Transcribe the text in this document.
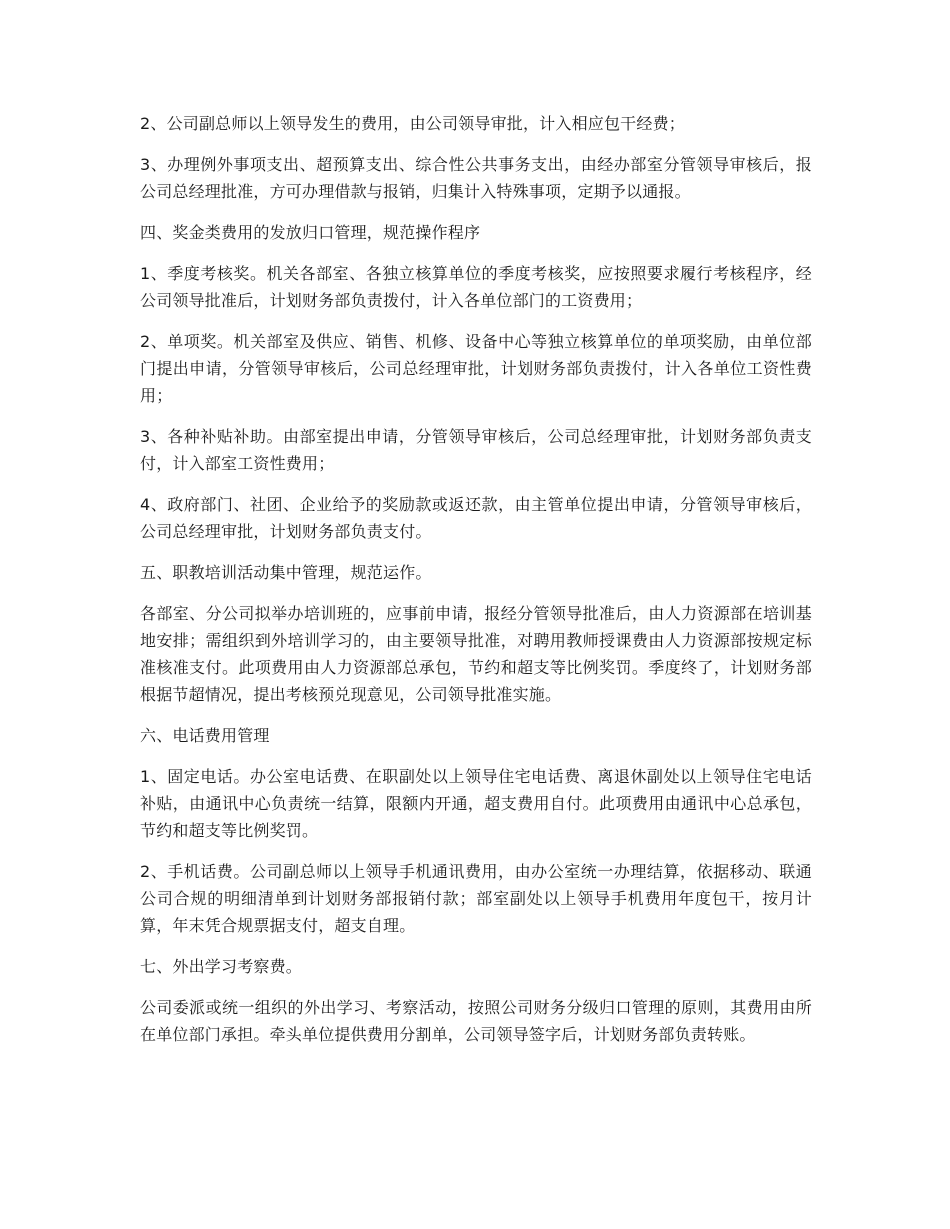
2、公司副总师以上领导发生的费用，由公司领导审批，计入相应包干经费；

3、办理例外事项支出、超预算支出、综合性公共事务支出，由经办部室分管领导审核后，报公司总经理批准，方可办理借款与报销，归集计入特殊事项，定期予以通报。

四、奖金类费用的发放归口管理，规范操作程序

1、季度考核奖。机关各部室、各独立核算单位的季度考核奖，应按照要求履行考核程序，经公司领导批准后，计划财务部负责拨付，计入各单位部门的工资费用；

2、单项奖。机关部室及供应、销售、机修、设备中心等独立核算单位的单项奖励，由单位部门提出申请，分管领导审核后，公司总经理审批，计划财务部负责拨付，计入各单位工资性费用；

3、各种补贴补助。由部室提出申请，分管领导审核后，公司总经理审批，计划财务部负责支付，计入部室工资性费用；

4、政府部门、社团、企业给予的奖励款或返还款，由主管单位提出申请，分管领导审核后，公司总经理审批，计划财务部负责支付。

五、职教培训活动集中管理，规范运作。

各部室、分公司拟举办培训班的，应事前申请，报经分管领导批准后，由人力资源部在培训基地安排；需组织到外培训学习的，由主要领导批准，对聘用教师授课费由人力资源部按规定标准核准支付。此项费用由人力资源部总承包，节约和超支等比例奖罚。季度终了，计划财务部根据节超情况，提出考核预兑现意见，公司领导批准实施。

六、电话费用管理

1、固定电话。办公室电话费、在职副处以上领导住宅电话费、离退休副处以上领导住宅电话补贴，由通讯中心负责统一结算，限额内开通，超支费用自付。此项费用由通讯中心总承包，节约和超支等比例奖罚。

2、手机话费。公司副总师以上领导手机通讯费用，由办公室统一办理结算，依据移动、联通公司合规的明细清单到计划财务部报销付款；部室副处以上领导手机费用年度包干，按月计算，年末凭合规票据支付，超支自理。

七、外出学习考察费。

公司委派或统一组织的外出学习、考察活动，按照公司财务分级归口管理的原则，其费用由所在单位部门承担。牵头单位提供费用分割单，公司领导签字后，计划财务部负责转账。
